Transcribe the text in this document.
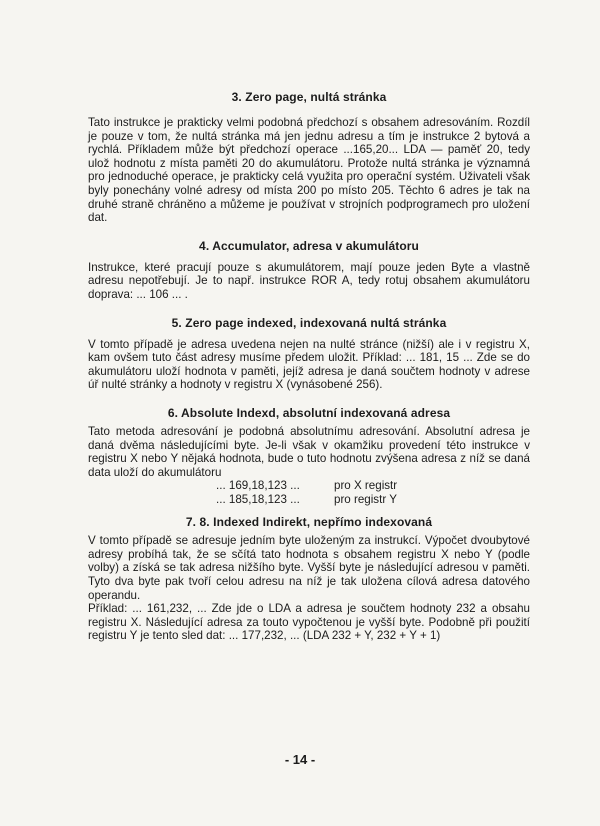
3. Zero page, nultá stránka

Tato instrukce je prakticky velmi podobná předchozí s obsahem adresováním. Rozdíl je pouze v tom, že nultá stránka má jen jednu adresu a tím je instrukce 2 bytová a rychlá. Příkladem může být předchozí operace ...165,20... LDA — paměť 20, tedy ulož hodnotu z místa paměti 20 do akumulátoru. Protože nultá stránka je významná pro jednoduché operace, je prakticky celá využita pro operační systém. Uživateli však byly ponechány volné adresy od místa 200 po místo 205. Těchto 6 adres je tak na druhé straně chráněno a můžeme je používat v strojních podprogramech pro uložení dat.

4. Accumulator, adresa v akumulátoru

Instrukce, které pracují pouze s akumulátorem, mají pouze jeden Byte a vlastně adresu nepotřebují. Je to např. instrukce ROR A, tedy rotuj obsahem akumulátoru doprava: ... 106 ... .

5. Zero page indexed, indexovaná nultá stránka

V tomto případě je adresa uvedena nejen na nulté stránce (nižší) ale i v registru X, kam ovšem tuto část adresy musíme předem uložit. Příklad: ... 181, 15 ... Zde se do akumulátoru uloží hodnota v paměti, jejíž adresa je daná součtem hodnoty v adrese úř nulté stránky a hodnoty v registru X (vynásobené 256).

6. Absolute Indexd, absolutní indexovaná adresa

Tato metoda adresování je podobná absolutnímu adresování. Absolutní adresa je daná dvěma následujícími byte. Je-li však v okamžiku provedení této instrukce v registru X nebo Y nějaká hodnota, bude o tuto hodnotu zvýšena adresa z níž se daná data uloží do akumulátoru

... 169,18,123 ...	pro X registr
... 185,18,123 ...	pro registr Y
7. 8. Indexed Indirekt, nepřímo indexovaná

V tomto případě se adresuje jedním byte uloženým za instrukcí. Výpočet dvoubytové adresy probíhá tak, že se sčítá tato hodnota s obsahem registru X nebo Y (podle volby) a získá se tak adresa nižšího byte. Vyšší byte je následující adresou v paměti. Tyto dva byte pak tvoří celou adresu na níž je tak uložena cílová adresa datového operandu.

Příklad: ... 161,232, ... Zde jde o LDA a adresa je součtem hodnoty 232 a obsahu registru X. Následující adresa za touto vypočtenou je vyšší byte. Podobně při použití registru Y je tento sled dat: ... 177,232, ... (LDA 232 + Y, 232 + Y + 1)

- 14 -
